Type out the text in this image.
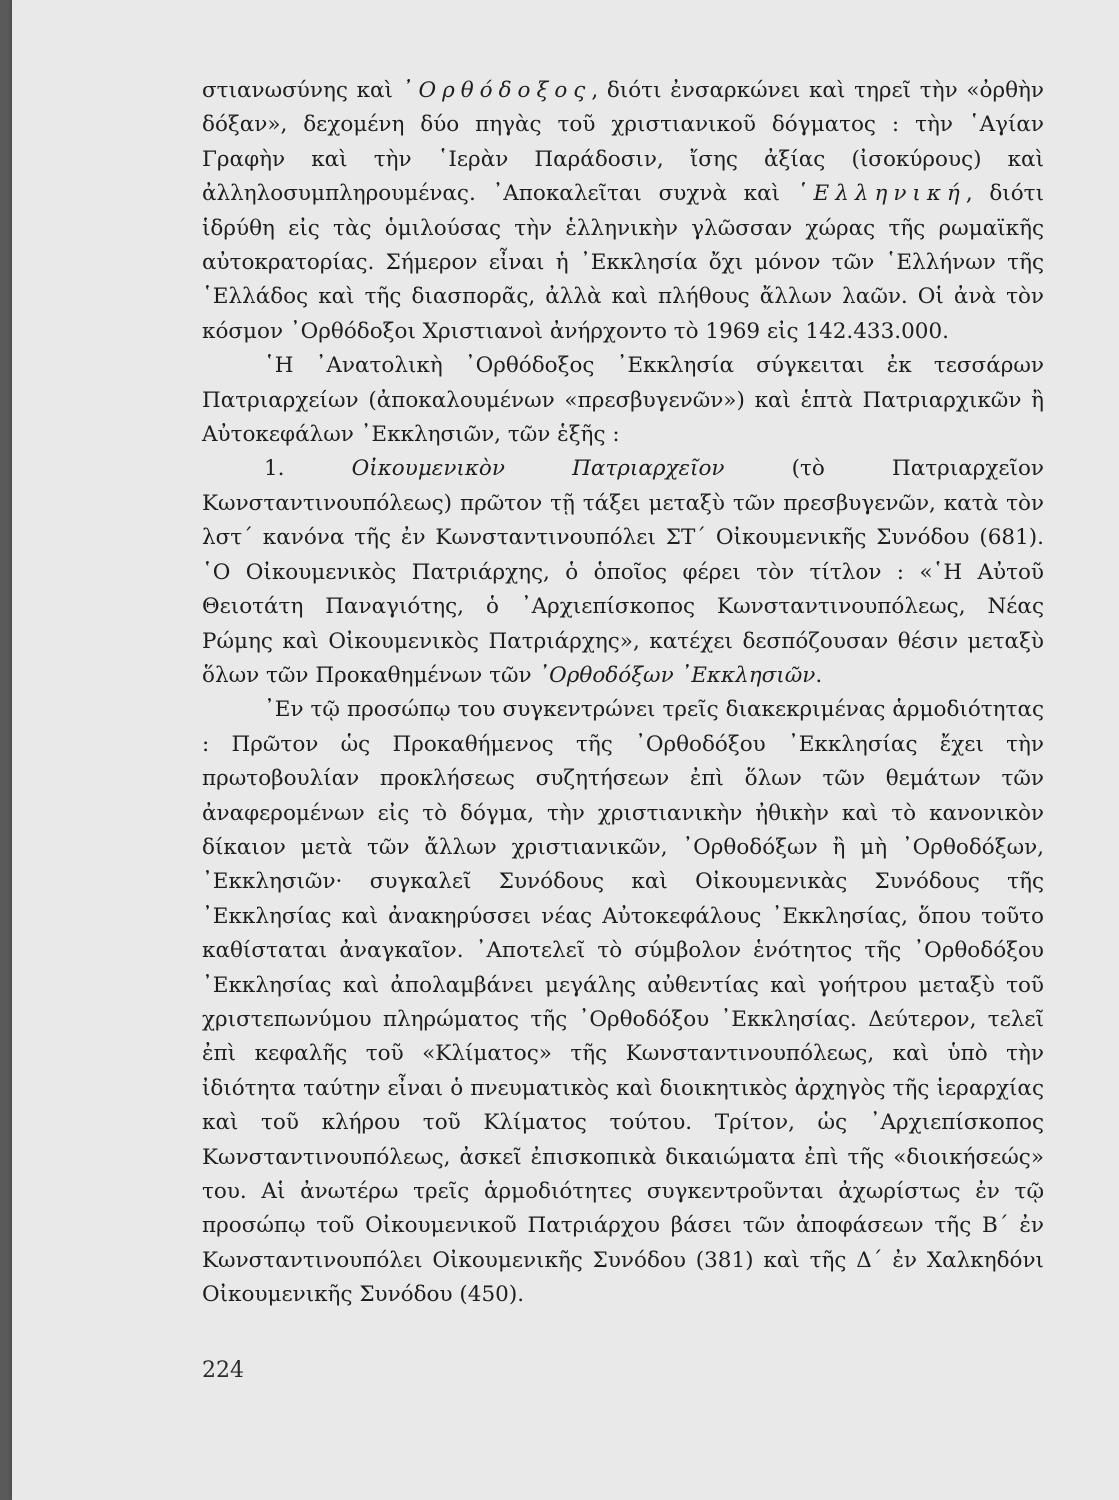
στιανωσύνης καὶ ᾿Ορθόδοξος, διότι ἐνσαρκώνει καὶ τηρεῖ τὴν «ὀρθὴν δόξαν», δεχομένη δύο πηγὰς τοῦ χριστιανικοῦ δόγματος : τὴν ῾Αγίαν Γραφὴν καὶ τὴν ῾Ιερὰν Παράδοσιν, ἴσης ἀξίας (ἰσοκύρους) καὶ ἀλληλοσυμπληρουμένας. ᾿Αποκαλεῖται συχνὰ καὶ ῾Ελληνική, διότι ἱδρύθη εἰς τὰς ὁμιλούσας τὴν ἑλληνικὴν γλῶσσαν χώρας τῆς ρωμαϊκῆς αὐτοκρατορίας. Σήμερον εἶναι ἡ ᾿Εκκλησία ὄχι μόνον τῶν ῾Ελλήνων τῆς ῾Ελλάδος καὶ τῆς διασπορᾶς, ἀλλὰ καὶ πλήθους ἄλλων λαῶν. Οἱ ἀνὰ τὸν κόσμον ᾿Ορθόδοξοι Χριστιανοὶ ἀνήρχοντο τὸ 1969 εἰς 142.433.000.

῾Η ᾿Ανατολικὴ ᾿Ορθόδοξος ᾿Εκκλησία σύγκειται ἐκ τεσσάρων Πατριαρχείων (ἀποκαλουμένων «πρεσβυγενῶν») καὶ ἑπτὰ Πατριαρχικῶν ἢ Αὐτοκεφάλων ᾿Εκκλησιῶν, τῶν ἑξῆς :

1. Οἰκουμενικὸν Πατριαρχεῖον (τὸ Πατριαρχεῖον Κωνσταντινουπόλεως) πρῶτον τῇ τάξει μεταξὺ τῶν πρεσβυγενῶν, κατὰ τὸν λστ΄ κανόνα τῆς ἐν Κωνσταντινουπόλει ΣΤ΄ Οἰκουμενικῆς Συνόδου (681). ῾Ο Οἰκουμενικὸς Πατριάρχης, ὁ ὁποῖος φέρει τὸν τίτλον : «῾Η Αὐτοῦ Θειοτάτη Παναγιότης, ὁ ᾿Αρχιεπίσκοπος Κωνσταντινουπόλεως, Νέας Ρώμης καὶ Οἰκουμενικὸς Πατριάρχης», κατέχει δεσπόζουσαν θέσιν μεταξὺ ὅλων τῶν Προκαθημένων τῶν ᾿Ορθοδόξων ᾿Εκκλησιῶν.

᾿Εν τῷ προσώπῳ του συγκεντρώνει τρεῖς διακεκριμένας ἁρμοδιότητας : Πρῶτον ὡς Προκαθήμενος τῆς ᾿Ορθοδόξου ᾿Εκκλησίας ἔχει τὴν πρωτοβουλίαν προκλήσεως συζητήσεων ἐπὶ ὅλων τῶν θεμάτων τῶν ἀναφερομένων εἰς τὸ δόγμα, τὴν χριστιανικὴν ἠθικὴν καὶ τὸ κανονικὸν δίκαιον μετὰ τῶν ἄλλων χριστιανικῶν, ᾿Ορθοδόξων ἢ μὴ ᾿Ορθοδόξων, ᾿Εκκλησιῶν· συγκαλεῖ Συνόδους καὶ Οἰκουμενικὰς Συνόδους τῆς ᾿Εκκλησίας καὶ ἀνακηρύσσει νέας Αὐτοκεφάλους ᾿Εκκλησίας, ὅπου τοῦτο καθίσταται ἀναγκαῖον. ᾿Αποτελεῖ τὸ σύμβολον ἑνότητος τῆς ᾿Ορθοδόξου ᾿Εκκλησίας καὶ ἀπολαμβάνει μεγάλης αὐθεντίας καὶ γοήτρου μεταξὺ τοῦ χριστεπωνύμου πληρώματος τῆς ᾿Ορθοδόξου ᾿Εκκλησίας. Δεύτερον, τελεῖ ἐπὶ κεφαλῆς τοῦ «Κλίματος» τῆς Κωνσταντινουπόλεως, καὶ ὑπὸ τὴν ἰδιότητα ταύτην εἶναι ὁ πνευματικὸς καὶ διοικητικὸς ἀρχηγὸς τῆς ἱεραρχίας καὶ τοῦ κλήρου τοῦ Κλίματος τούτου. Τρίτον, ὡς ᾿Αρχιεπίσκοπος Κωνσταντινουπόλεως, ἀσκεῖ ἐπισκοπικὰ δικαιώματα ἐπὶ τῆς «διοικήσεώς» του. Αἱ ἀνωτέρω τρεῖς ἁρμοδιότητες συγκεντροῦνται ἀχωρίστως ἐν τῷ προσώπῳ τοῦ Οἰκουμενικοῦ Πατριάρχου βάσει τῶν ἀποφάσεων τῆς Β΄ ἐν Κωνσταντινουπόλει Οἰκουμενικῆς Συνόδου (381) καὶ τῆς Δ΄ ἐν Χαλκηδόνι Οἰκουμενικῆς Συνόδου (450).

224
